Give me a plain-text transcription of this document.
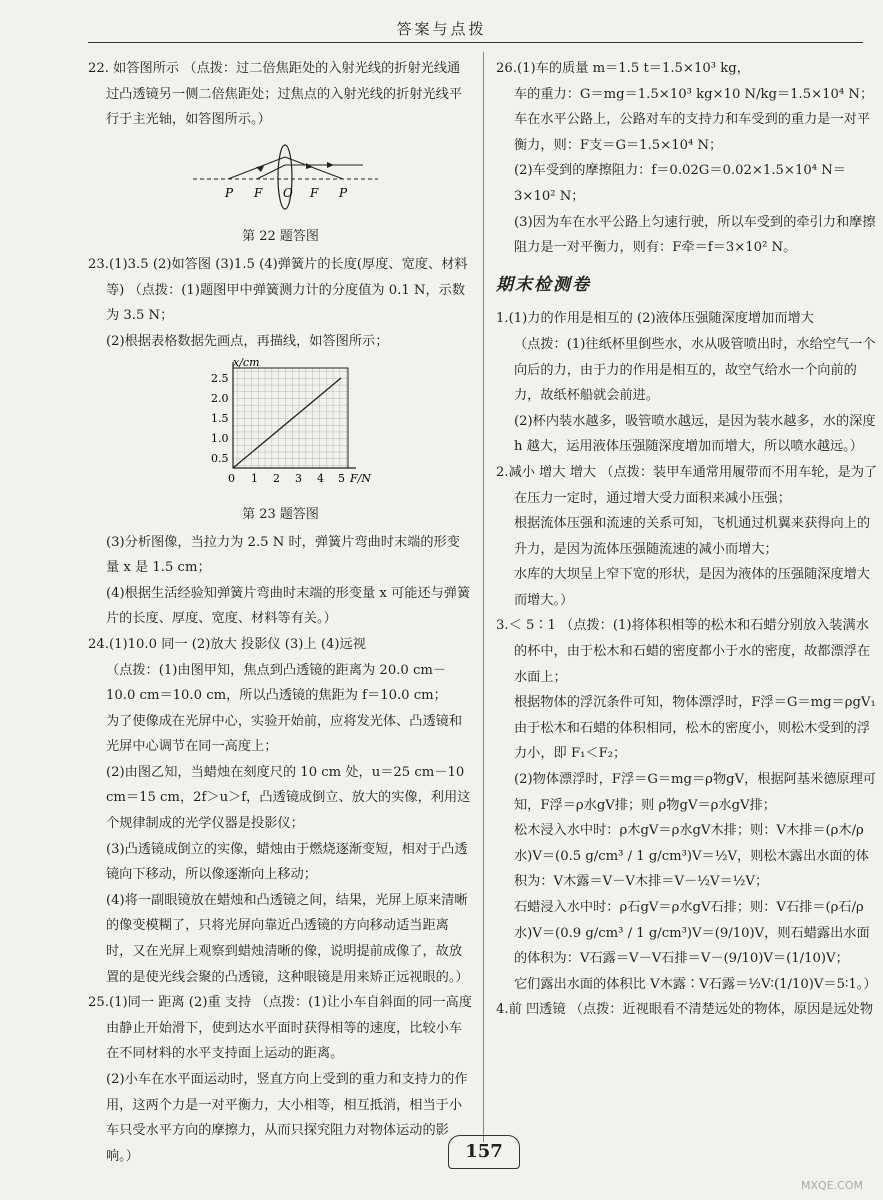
答案与点拨

22. 如答图所示 （点拨：过二倍焦距处的入射光线的折射光线通过凸透镜另一侧二倍焦距处；过焦点的入射光线的折射光线平行于主光轴，如答图所示。）

P F O F P
第 22 题答图

23.(1)3.5 (2)如答图 (3)1.5 (4)弹簧片的长度(厚度、宽度、材料等) （点拨：(1)题图甲中弹簧测力计的分度值为 0.1 N，示数为 3.5 N；

(2)根据表格数据先画点，再描线，如答图所示；

x/cm
F/N
2.5
2.0
1.5
1.0
0.5
0 1 2 3 4 5
第 23 题答图

(3)分析图像，当拉力为 2.5 N 时，弹簧片弯曲时末端的形变量 x 是 1.5 cm；

(4)根据生活经验知弹簧片弯曲时末端的形变量 x 可能还与弹簧片的长度、厚度、宽度、材料等有关。）

24.(1)10.0 同一 (2)放大 投影仪 (3)上 (4)远视

（点拨：(1)由图甲知，焦点到凸透镜的距离为 20.0 cm－10.0 cm＝10.0 cm，所以凸透镜的焦距为 f＝10.0 cm；

为了使像成在光屏中心，实验开始前，应将发光体、凸透镜和光屏中心调节在同一高度上；

(2)由图乙知，当蜡烛在刻度尺的 10 cm 处，u＝25 cm－10 cm＝15 cm，2f＞u＞f，凸透镜成倒立、放大的实像，利用这个规律制成的光学仪器是投影仪；

(3)凸透镜成倒立的实像，蜡烛由于燃烧逐渐变短，相对于凸透镜向下移动，所以像逐渐向上移动；

(4)将一副眼镜放在蜡烛和凸透镜之间，结果，光屏上原来清晰的像变模糊了，只将光屏向靠近凸透镜的方向移动适当距离时，又在光屏上观察到蜡烛清晰的像，说明提前成像了，故放置的是使光线会聚的凸透镜，这种眼镜是用来矫正远视眼的。）

25.(1)同一 距离 (2)重 支持 （点拨：(1)让小车自斜面的同一高度由静止开始滑下，使到达水平面时获得相等的速度，比较小车在不同材料的水平支持面上运动的距离。

(2)小车在水平面运动时，竖直方向上受到的重力和支持力的作用，这两个力是一对平衡力，大小相等，相互抵消，相当于小车只受水平方向的摩擦力，从而只探究阻力对物体运动的影响。）

26.(1)车的质量 m＝1.5 t＝1.5×10³ kg，

车的重力：G＝mg＝1.5×10³ kg×10 N/kg＝1.5×10⁴ N；

车在水平公路上，公路对车的支持力和车受到的重力是一对平衡力，则：F支＝G＝1.5×10⁴ N；

(2)车受到的摩擦阻力：f＝0.02G＝0.02×1.5×10⁴ N＝3×10² N；

(3)因为车在水平公路上匀速行驶，所以车受到的牵引力和摩擦阻力是一对平衡力，则有：F牵＝f＝3×10² N。

期末检测卷

1.(1)力的作用是相互的 (2)液体压强随深度增加而增大

（点拨：(1)往纸杯里倒些水，水从吸管喷出时，水给空气一个向后的力，由于力的作用是相互的，故空气给水一个向前的力，故纸杯船就会前进。

(2)杯内装水越多，吸管喷水越远，是因为装水越多，水的深度 h 越大，运用液体压强随深度增加而增大，所以喷水越远。）

2.减小 增大 增大 （点拨：装甲车通常用履带而不用车轮，是为了在压力一定时，通过增大受力面积来减小压强；

根据流体压强和流速的关系可知，飞机通过机翼来获得向上的升力，是因为流体压强随流速的减小而增大；

水库的大坝呈上窄下宽的形状，是因为液体的压强随深度增大而增大。）

3.＜ 5∶1 （点拨：(1)将体积相等的松木和石蜡分别放入装满水的杯中，由于松木和石蜡的密度都小于水的密度，故都漂浮在水面上；

根据物体的浮沉条件可知，物体漂浮时，F浮＝G＝mg＝ρgV₁由于松木和石蜡的体积相同，松木的密度小，则松木受到的浮力小，即 F₁＜F₂；

(2)物体漂浮时，F浮＝G＝mg＝ρ物gV，根据阿基米德原理可知，F浮＝ρ水gV排；则 ρ物gV＝ρ水gV排；

松木浸入水中时：ρ木gV＝ρ水gV木排；则：V木排＝(ρ木/ρ水)V＝(0.5 g/cm³ / 1 g/cm³)V＝½V，则松木露出水面的体积为：V木露＝V－V木排＝V－½V＝½V；

石蜡浸入水中时：ρ石gV＝ρ水gV石排；则：V石排＝(ρ石/ρ水)V＝(0.9 g/cm³ / 1 g/cm³)V＝(9/10)V，则石蜡露出水面的体积为：V石露＝V－V石排＝V－(9/10)V＝(1/10)V；

它们露出水面的体积比 V木露∶V石露＝½V∶(1/10)V＝5∶1。）

4.前 凹透镜 （点拨：近视眼看不清楚远处的物体，原因是远处物

157
MXQE.COM
